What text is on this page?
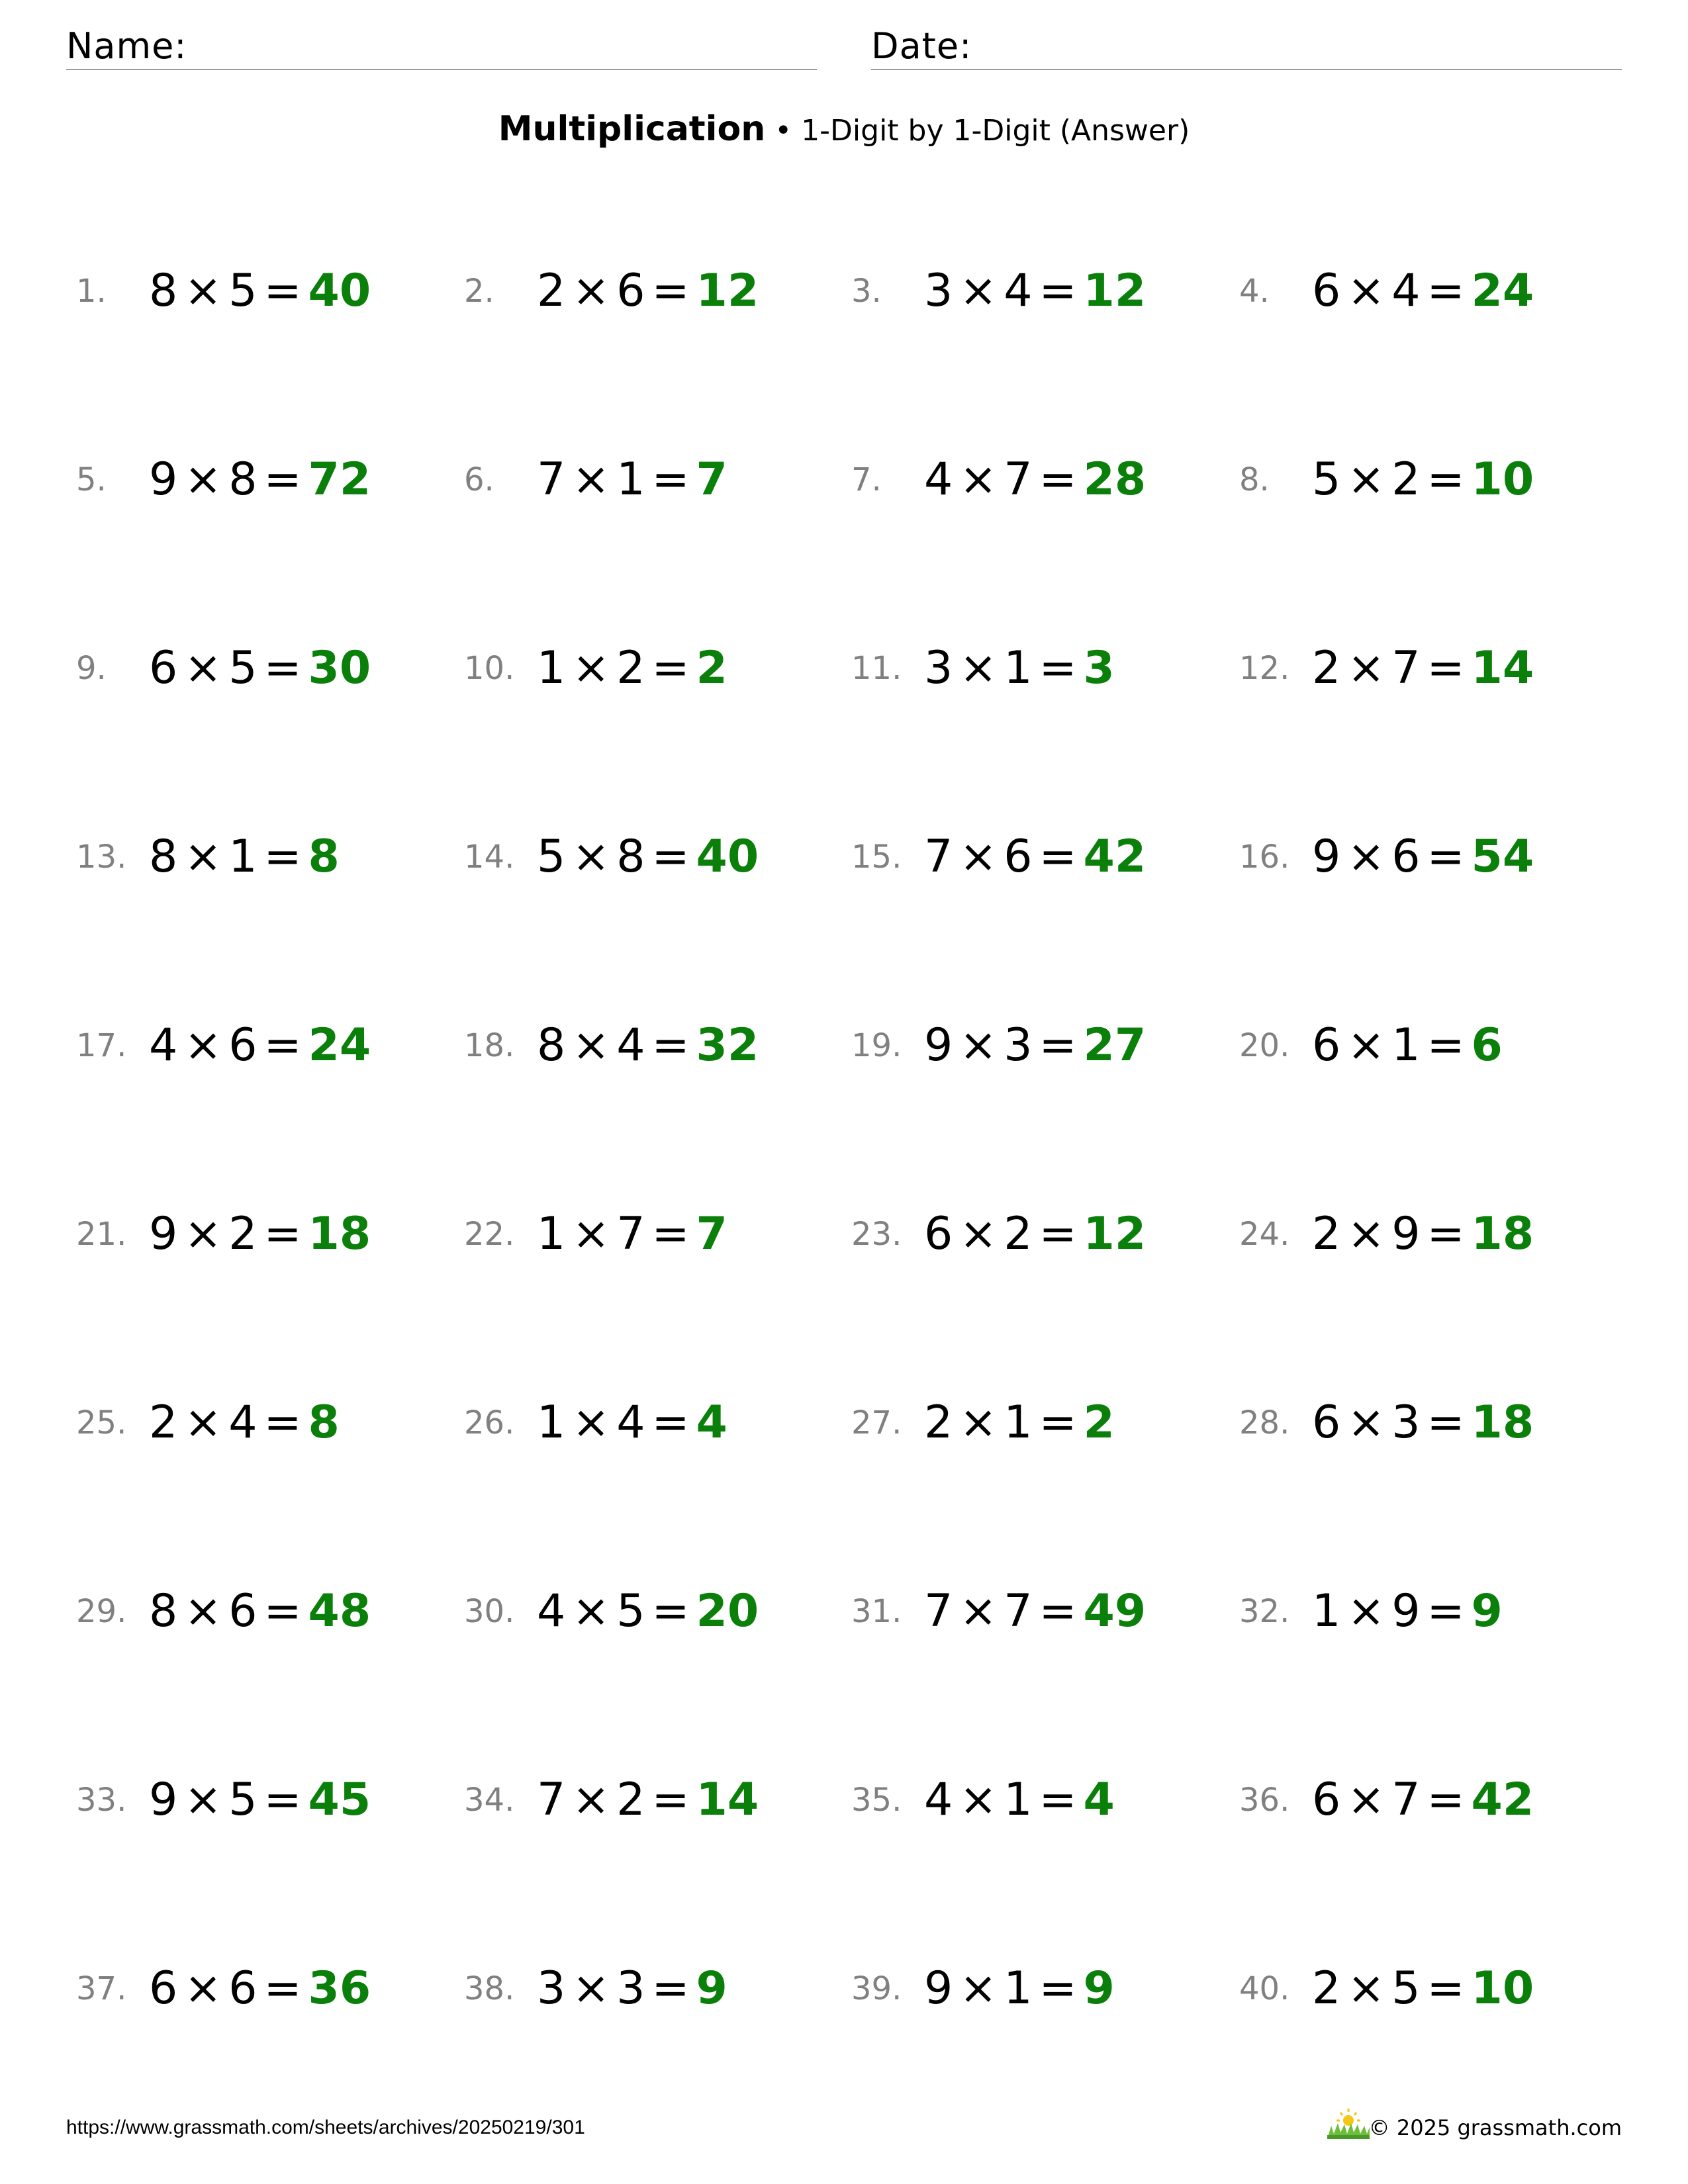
Name:	Date:
Multiplication • 1-Digit by 1-Digit (Answer)
1. 8 × 5 = 40	2. 2 × 6 = 12	3. 3 × 4 = 12	4. 6 × 4 = 24
5. 9 × 8 = 72	6. 7 × 1 = 7	7. 4 × 7 = 28	8. 5 × 2 = 10
9. 6 × 5 = 30	10. 1 × 2 = 2	11. 3 × 1 = 3	12. 2 × 7 = 14
13. 8 × 1 = 8	14. 5 × 8 = 40	15. 7 × 6 = 42	16. 9 × 6 = 54
17. 4 × 6 = 24	18. 8 × 4 = 32	19. 9 × 3 = 27	20. 6 × 1 = 6
21. 9 × 2 = 18	22. 1 × 7 = 7	23. 6 × 2 = 12	24. 2 × 9 = 18
25. 2 × 4 = 8	26. 1 × 4 = 4	27. 2 × 1 = 2	28. 6 × 3 = 18
29. 8 × 6 = 48	30. 4 × 5 = 20	31. 7 × 7 = 49	32. 1 × 9 = 9
33. 9 × 5 = 45	34. 7 × 2 = 14	35. 4 × 1 = 4	36. 6 × 7 = 42
37. 6 × 6 = 36	38. 3 × 3 = 9	39. 9 × 1 = 9	40. 2 × 5 = 10
https://www.grassmath.com/sheets/archives/20250219/301	© 2025 grassmath.com
